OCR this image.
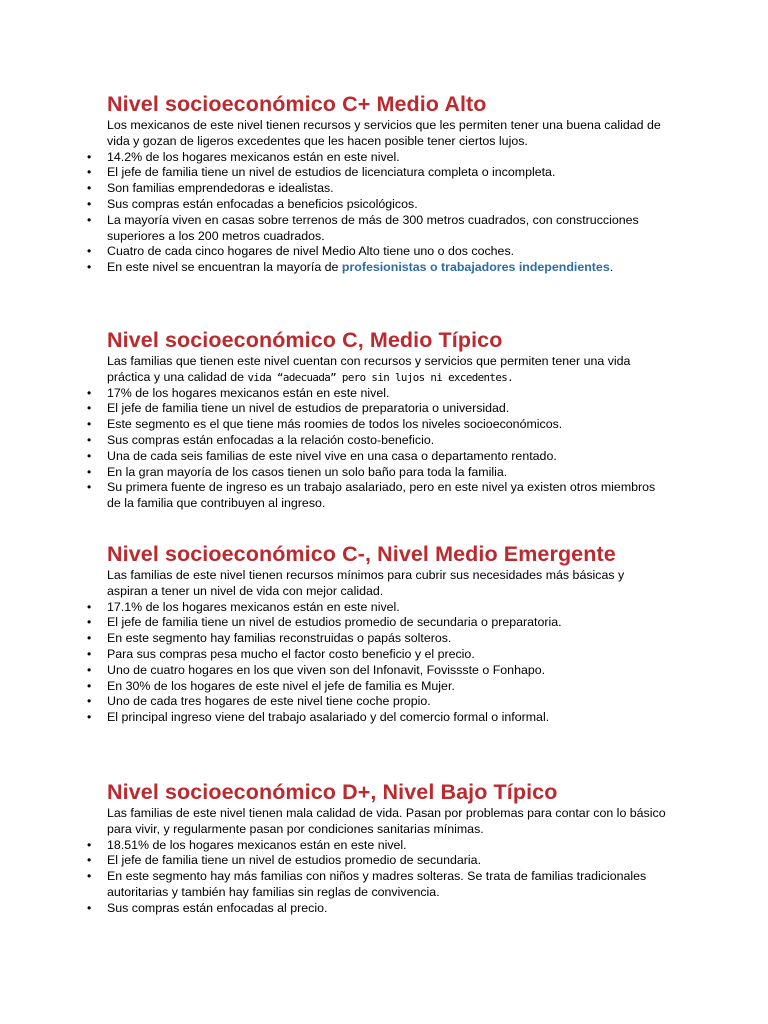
Nivel socioeconómico C+ Medio Alto

Los mexicanos de este nivel tienen recursos y servicios que les permiten tener una buena calidad de vida y gozan de ligeros excedentes que les hacen posible tener ciertos lujos.

• 14.2% de los hogares mexicanos están en este nivel.
• El jefe de familia tiene un nivel de estudios de licenciatura completa o incompleta.
• Son familias emprendedoras e idealistas.
• Sus compras están enfocadas a beneficios psicológicos.
• La mayoría viven en casas sobre terrenos de más de 300 metros cuadrados, con construcciones superiores a los 200 metros cuadrados.
• Cuatro de cada cinco hogares de nivel Medio Alto tiene uno o dos coches.
• En este nivel se encuentran la mayoría de profesionistas o trabajadores independientes.
Nivel socioeconómico C, Medio Típico

Las familias que tienen este nivel cuentan con recursos y servicios que permiten tener una vida práctica y una calidad de vida “adecuada” pero sin lujos ni excedentes.

• 17% de los hogares mexicanos están en este nivel.
• El jefe de familia tiene un nivel de estudios de preparatoria o universidad.
• Este segmento es el que tiene más roomies de todos los niveles socioeconómicos.
• Sus compras están enfocadas a la relación costo-beneficio.
• Una de cada seis familias de este nivel vive en una casa o departamento rentado.
• En la gran mayoría de los casos tienen un solo baño para toda la familia.
• Su primera fuente de ingreso es un trabajo asalariado, pero en este nivel ya existen otros miembros de la familia que contribuyen al ingreso.
Nivel socioeconómico C-, Nivel Medio Emergente

Las familias de este nivel tienen recursos mínimos para cubrir sus necesidades más básicas y aspiran a tener un nivel de vida con mejor calidad.

• 17.1% de los hogares mexicanos están en este nivel.
• El jefe de familia tiene un nivel de estudios promedio de secundaria o preparatoria.
• En este segmento hay familias reconstruidas o papás solteros.
• Para sus compras pesa mucho el factor costo beneficio y el precio.
• Uno de cuatro hogares en los que viven son del Infonavit, Fovissste o Fonhapo.
• En 30% de los hogares de este nivel el jefe de familia es Mujer.
• Uno de cada tres hogares de este nivel tiene coche propio.
• El principal ingreso viene del trabajo asalariado y del comercio formal o informal.
Nivel socioeconómico D+, Nivel Bajo Típico

Las familias de este nivel tienen mala calidad de vida. Pasan por problemas para contar con lo básico para vivir, y regularmente pasan por condiciones sanitarias mínimas.

• 18.51% de los hogares mexicanos están en este nivel.
• El jefe de familia tiene un nivel de estudios promedio de secundaria.
• En este segmento hay más familias con niños y madres solteras. Se trata de familias tradicionales autoritarias y también hay familias sin reglas de convivencia.
• Sus compras están enfocadas al precio.
